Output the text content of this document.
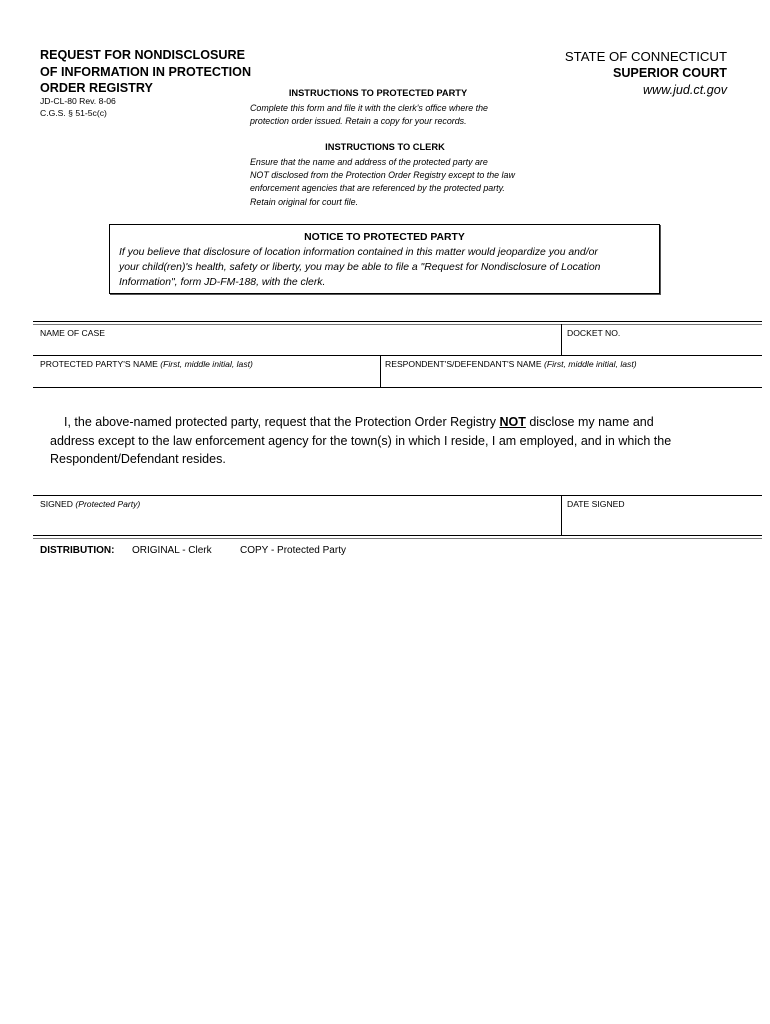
REQUEST FOR NONDISCLOSURE
OF INFORMATION IN PROTECTION
ORDER REGISTRY
JD-CL-80 Rev. 8-06
C.G.S. § 51-5c(c)
STATE OF CONNECTICUT
SUPERIOR COURT
www.jud.ct.gov
INSTRUCTIONS TO PROTECTED PARTY
Complete this form and file it with the clerk's office where the
protection order issued. Retain a copy for your records.
INSTRUCTIONS TO CLERK
Ensure that the name and address of the protected party are
NOT disclosed from the Protection Order Registry except to the law
enforcement agencies that are referenced by the protected party.
Retain original for court file.
NOTICE TO PROTECTED PARTY
If you believe that disclosure of location information contained in this matter would jeopardize you and/or
your child(ren)'s health, safety or liberty, you may be able to file a "Request for Nondisclosure of Location
Information", form JD-FM-188, with the clerk.
NAME OF CASE	DOCKET NO.
PROTECTED PARTY'S NAME (First, middle initial, last)	RESPONDENT'S/DEFENDANT'S NAME (First, middle initial, last)
I, the above-named protected party, request that the Protection Order Registry NOT disclose my name and
address except to the law enforcement agency for the town(s) in which I reside, I am employed, and in which the
Respondent/Defendant resides.
SIGNED (Protected Party)	DATE SIGNED
DISTRIBUTION: ORIGINAL - Clerk	COPY - Protected Party
